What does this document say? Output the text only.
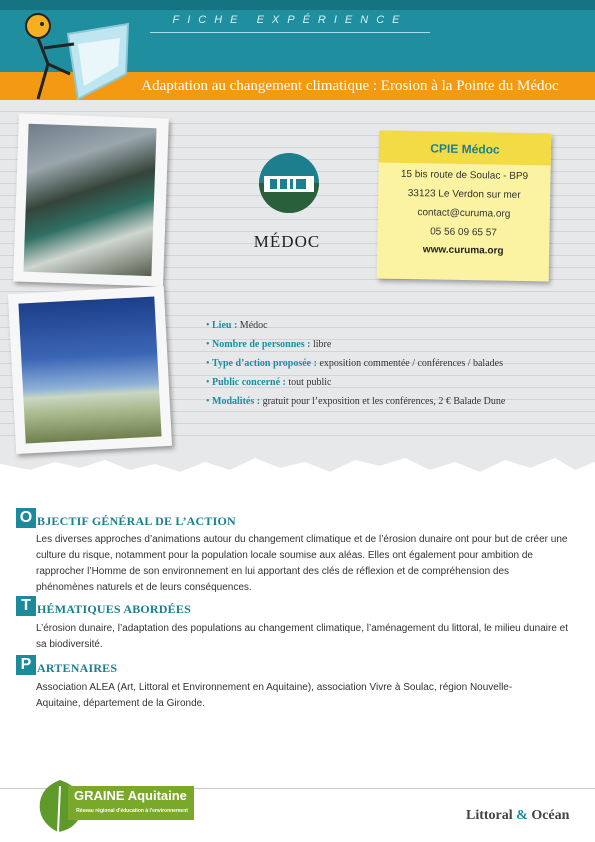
FICHE EXPÉRIENCE
Adaptation au changement climatique : Erosion à la Pointe du Médoc
MÉDOC
CPIE Médoc
15 bis route de Soulac - BP9
33123 Le Verdon sur mer
contact@curuma.org
05 56 09 65 57
www.curuma.org
• Lieu : Médoc
• Nombre de personnes : libre
• Type d’action proposée : exposition commentée / conférences / balades
• Public concerné : tout public
• Modalités : gratuit pour l’exposition et les conférences, 2 € Balade Dune
O BJECTIF GÉNÉRAL DE L’ACTION
Les diverses approches d’animations autour du changement climatique et de l’érosion dunaire ont pour but de créer une culture du risque, notamment pour la population locale soumise aux aléas. Elles ont également pour ambition de rapprocher l’Homme de son environnement en lui apportant des clés de réflexion et de compréhension des phénomènes naturels et de leurs conséquences.
T HÉMATIQUES ABORDÉES
L’érosion dunaire, l’adaptation des populations au changement climatique, l’aménagement du littoral, le milieu dunaire et sa biodiversité.
P ARTENAIRES
Association ALEA (Art, Littoral et Environnement en Aquitaine), association Vivre à Soulac, région Nouvelle-Aquitaine, département de la Gironde.
GRAINE Aquitaine
Réseau régional d'éducation à l'environnement	Littoral & Océan
